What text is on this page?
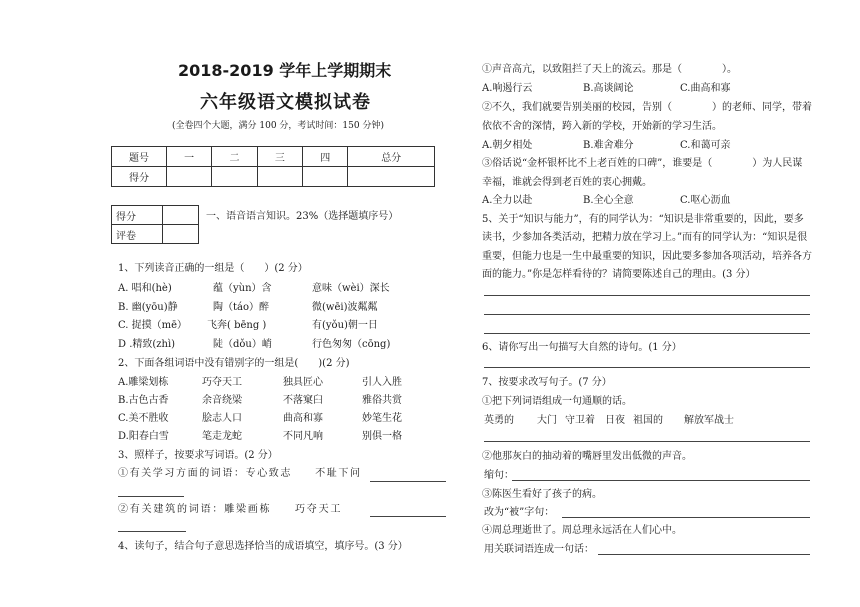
2018-2019 学年上学期期末
六年级语文模拟试卷
(全卷四个大题，满分 100 分，考试时间：150 分钟)
题号	一	二	三	四	总分
得分					
得分	
评卷	
一、语音语言知识。23%（选择题填序号）
1、下列读音正确的一组是（　　）(2 分）
A. 唱和(hè)	蕴（yùn）含	意味（wèi）深长
B. 幽(yōu)静	陶（táo）醉	微(wēi)波粼粼
C. 捉摸（mē） 飞奔( bēng )	有(yǒu)朝一日
D .精致(zhì)	陡（dǒu）峭	行色匆匆（cōng)
2、下面各组词语中没有错别字的一组是(　　)(2 分)
A.雕梁划栋	巧夺天工	独具匠心	引人入胜
B.古色古香	余音绕梁	不落窠臼	雅俗共赏
C.美不胜收	脍志人口	曲高和寡	妙笔生花
D.阳春白雪	笔走龙蛇	不同凡响	别俱一格
3、照样子，按要求写词语。(2 分）
①有关学习方面的词语：专心致志　　不耻下问
②有关建筑的词语：雕梁画栋　　巧夺天工
4、读句子，结合句子意思选择恰当的成语填空，填序号。(3 分）
①声音高亢，以致阻拦了天上的流云。那是（　　　　）。
A.响遏行云	B.高谈阔论	C.曲高和寡
②不久，我们就要告别美丽的校园，告别（　　　　）的老师、同学，带着
依依不舍的深情，跨入新的学校，开始新的学习生活。
A.朝夕相处	B.难舍难分	C.和蔼可亲
③俗话说“金杯银杯比不上老百姓的口碑”，谁要是（　　　　）为人民谋
幸福，谁就会得到老百姓的衷心拥戴。
A.全力以赴	B.全心全意	C.呕心沥血
5、关于“知识与能力”，有的同学认为：“知识是非常重要的，因此，要多
读书，少参加各类活动，把精力放在学习上。”而有的同学认为：“知识是很
重要，但能力也是一生中最重要的知识，因此要多参加各项活动，培养各方
面的能力。”你是怎样看待的？请简要陈述自己的理由。(3 分）
6、请你写出一句描写大自然的诗句。(1 分）
7、按要求改写句子。(7 分）
①把下列词语组成一句通顺的话。
英勇的 大门 守卫着 日夜 祖国的 解放军战士
②他那灰白的抽动着的嘴唇里发出低微的声音。
缩句：
③陈医生看好了孩子的病。
改为“被”字句：
④周总理逝世了。周总理永远活在人们心中。
用关联词语连成一句话：
